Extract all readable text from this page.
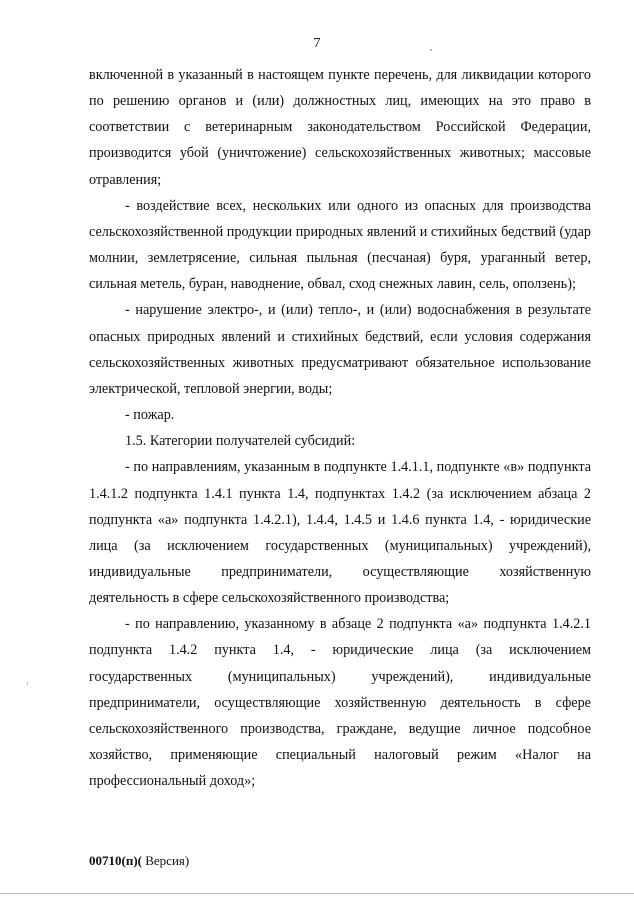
7

включенной в указанный в настоящем пункте перечень, для ликвидации которого по решению органов и (или) должностных лиц, имеющих на это право в соответствии с ветеринарным законодательством Российской Федерации, производится убой (уничтожение) сельскохозяйственных животных; массовые отравления;

- воздействие всех, нескольких или одного из опасных для производства сельскохозяйственной продукции природных явлений и стихийных бедствий (удар молнии, землетрясение, сильная пыльная (песчаная) буря, ураганный ветер, сильная метель, буран, наводнение, обвал, сход снежных лавин, сель, оползень);

- нарушение электро-, и (или) тепло-, и (или) водоснабжения в результате опасных природных явлений и стихийных бедствий, если условия содержания сельскохозяйственных животных предусматривают обязательное использование электрической, тепловой энергии, воды;

- пожар.

1.5. Категории получателей субсидий:

- по направлениям, указанным в подпункте 1.4.1.1, подпункте «в» подпункта 1.4.1.2 подпункта 1.4.1 пункта 1.4, подпунктах 1.4.2 (за исключением абзаца 2 подпункта «а» подпункта 1.4.2.1), 1.4.4, 1.4.5 и 1.4.6 пункта 1.4, - юридические лица (за исключением государственных (муниципальных) учреждений), индивидуальные предприниматели, осуществляющие хозяйственную деятельность в сфере сельскохозяйственного производства;

- по направлению, указанному в абзаце 2 подпункта «а» подпункта 1.4.2.1 подпункта 1.4.2 пункта 1.4, - юридические лица (за исключением государственных (муниципальных) учреждений), индивидуальные предприниматели, осуществляющие хозяйственную деятельность в сфере сельскохозяйственного производства, граждане, ведущие личное подсобное хозяйство, применяющие специальный налоговый режим «Налог на профессиональный доход»;

00710(п)( Версия)
